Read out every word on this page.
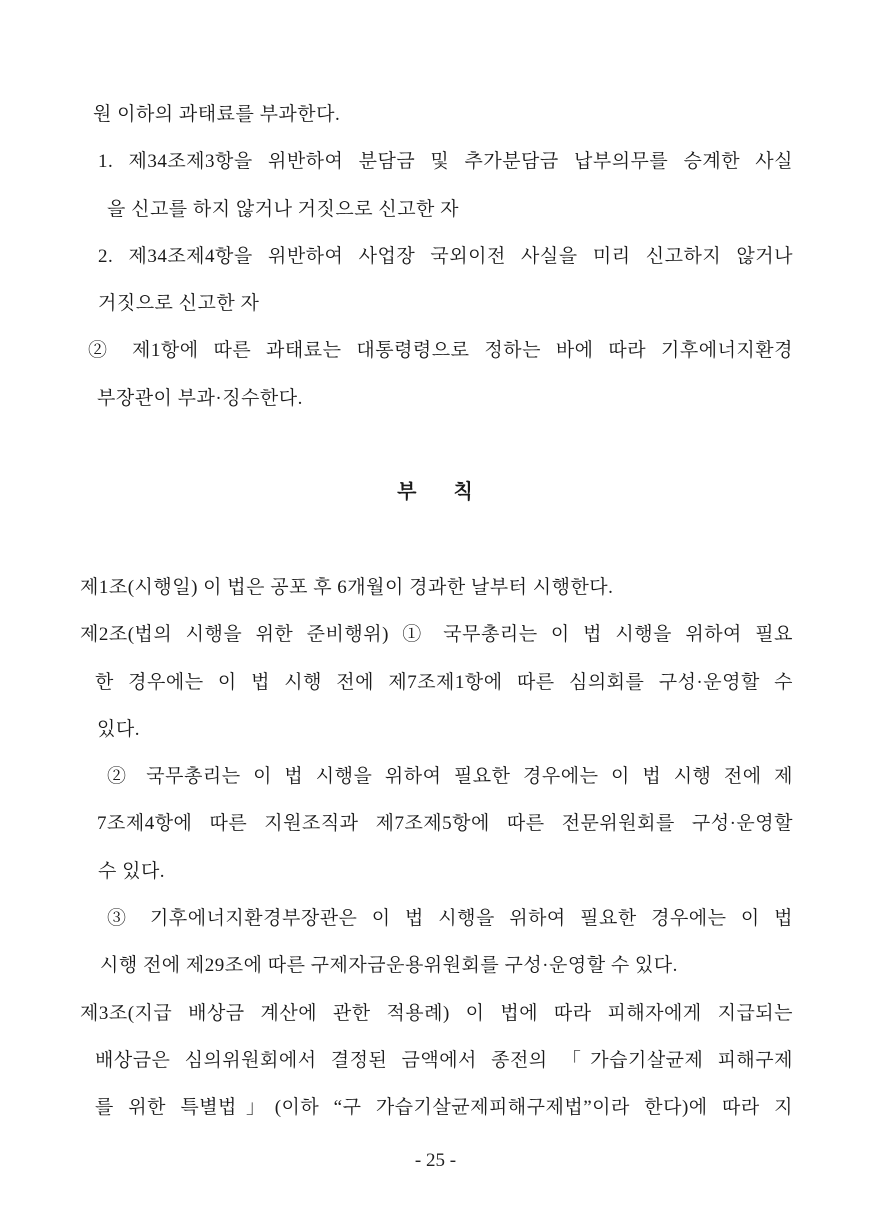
원 이하의 과태료를 부과한다.
1. 제34조제3항을 위반하여 분담금 및 추가분담금 납부의무를 승계한 사실
을 신고를 하지 않거나 거짓으로 신고한 자
2. 제34조제4항을 위반하여 사업장 국외이전 사실을 미리 신고하지 않거나
거짓으로 신고한 자
② 제1항에 따른 과태료는 대통령령으로 정하는 바에 따라 기후에너지환경
부장관이 부과·징수한다.
부      칙
제1조(시행일) 이 법은 공포 후 6개월이 경과한 날부터 시행한다.
제2조(법의 시행을 위한 준비행위) ① 국무총리는 이 법 시행을 위하여 필요
한 경우에는 이 법 시행 전에 제7조제1항에 따른 심의회를 구성·운영할 수
있다.
② 국무총리는 이 법 시행을 위하여 필요한 경우에는 이 법 시행 전에 제
7조제4항에 따른 지원조직과 제7조제5항에 따른 전문위원회를 구성·운영할
수 있다.
③ 기후에너지환경부장관은 이 법 시행을 위하여 필요한 경우에는 이 법
시행 전에 제29조에 따른 구제자금운용위원회를 구성·운영할 수 있다.
제3조(지급 배상금 계산에 관한 적용례) 이 법에 따라 피해자에게 지급되는
배상금은 심의위원회에서 결정된 금액에서 종전의 「가습기살균제 피해구제
를 위한 특별법」(이하 “구 가습기살균제피해구제법”이라 한다)에 따라 지
- 25 -
